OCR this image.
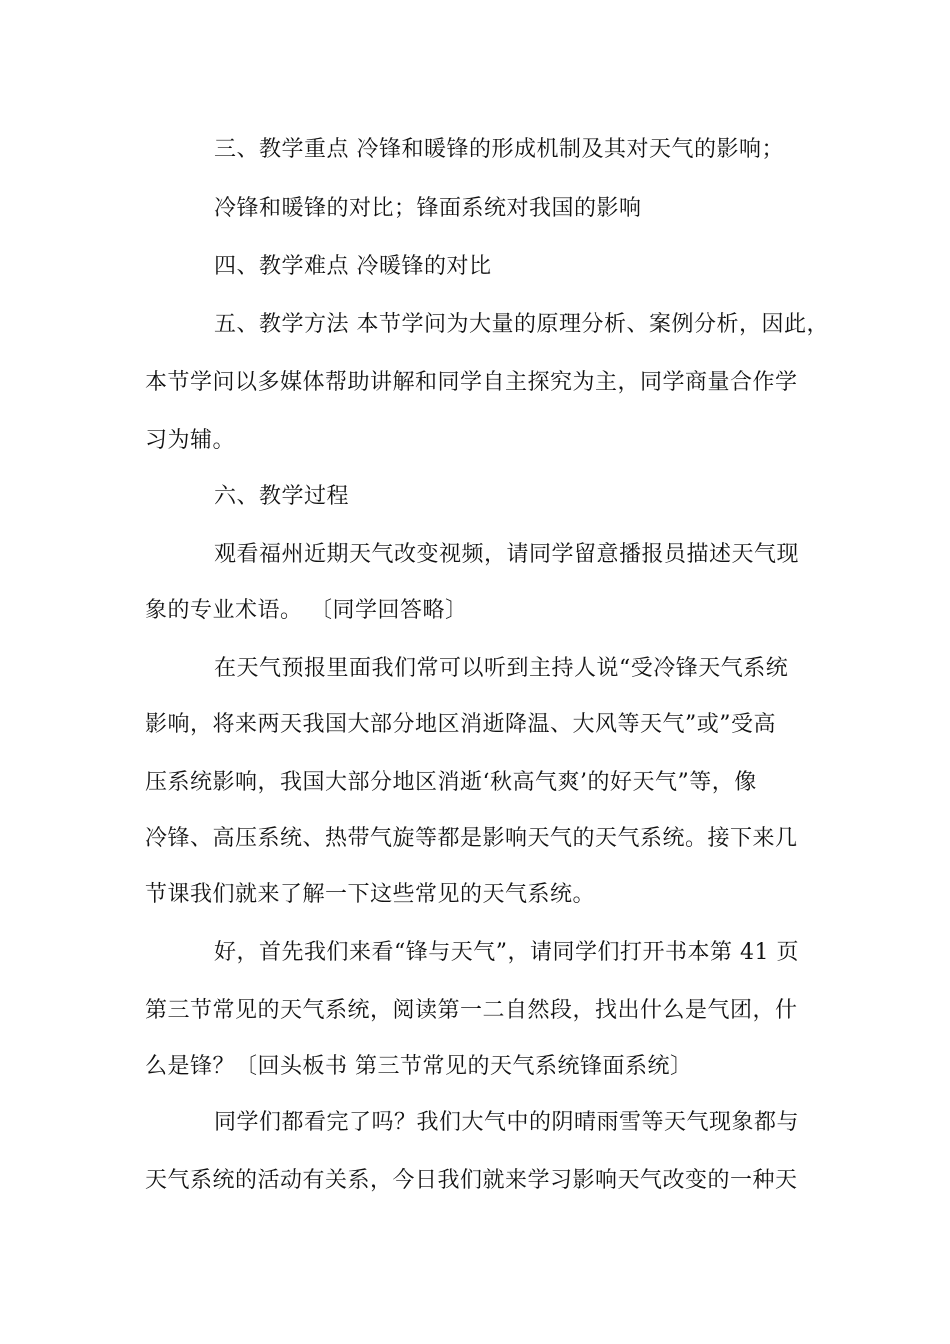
三、教学重点 冷锋和暖锋的形成机制及其对天气的影响；
冷锋和暖锋的对比；锋面系统对我国的影响
四、教学难点 冷暖锋的对比
五、教学方法 本节学问为大量的原理分析、案例分析，因此，
本节学问以多媒体帮助讲解和同学自主探究为主，同学商量合作学
习为辅。
六、教学过程
观看福州近期天气改变视频，请同学留意播报员描述天气现
象的专业术语。 〔同学回答略〕
在天气预报里面我们常可以听到主持人说“受冷锋天气系统
影响，将来两天我国大部分地区消逝降温、大风等天气”或”受高
压系统影响，我国大部分地区消逝‘秋高气爽’的好天气”等，像
冷锋、高压系统、热带气旋等都是影响天气的天气系统。接下来几
节课我们就来了解一下这些常见的天气系统。
好，首先我们来看“锋与天气”，请同学们打开书本第 41 页
第三节常见的天气系统，阅读第一二自然段，找出什么是气团，什
么是锋？〔回头板书 第三节常见的天气系统锋面系统〕
同学们都看完了吗？我们大气中的阴晴雨雪等天气现象都与
天气系统的活动有关系，今日我们就来学习影响天气改变的一种天
